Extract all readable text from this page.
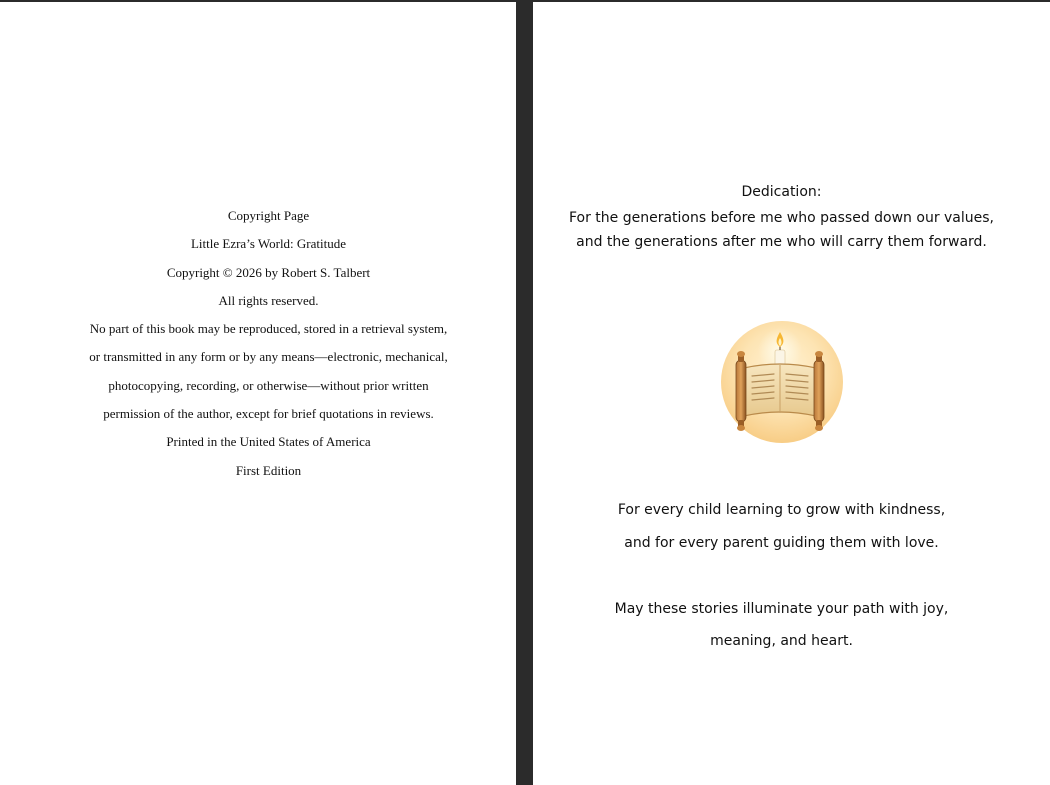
Copyright Page
Little Ezra’s World: Gratitude
Copyright © 2026 by Robert S. Talbert
All rights reserved.
No part of this book may be reproduced, stored in a retrieval system,
or transmitted in any form or by any means—electronic, mechanical,
photocopying, recording, or otherwise—without prior written
permission of the author, except for brief quotations in reviews.
Printed in the United States of America
First Edition
Dedication:
For the generations before me who passed down our values,
and the generations after me who will carry them forward.
For every child learning to grow with kindness,
and for every parent guiding them with love.
May these stories illuminate your path with joy,
meaning, and heart.
